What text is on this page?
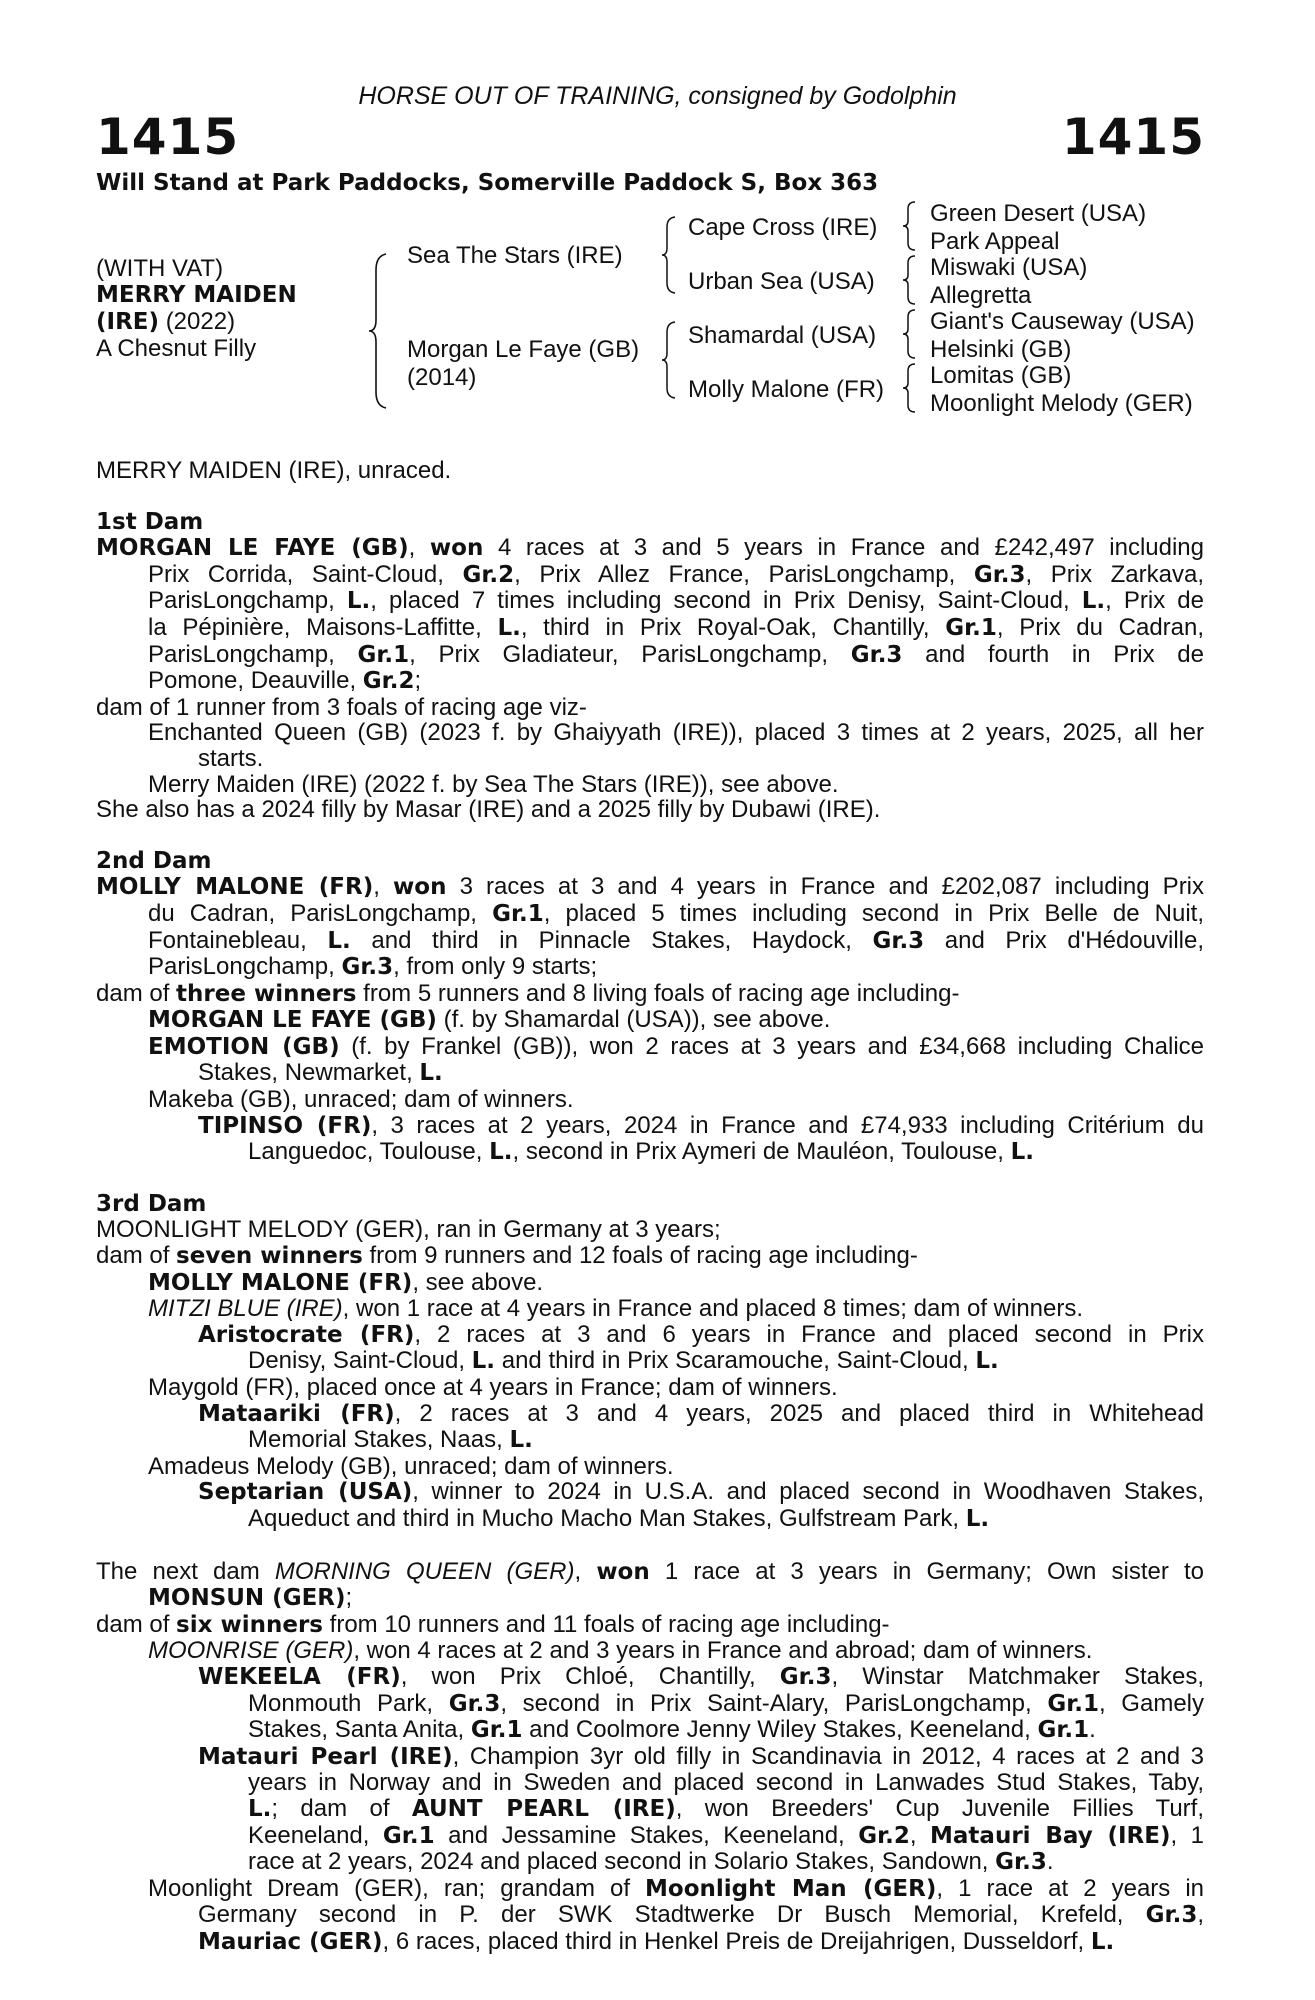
HORSE OUT OF TRAINING, consigned by Godolphin
1415	1415
Will Stand at Park Paddocks, Somerville Paddock S, Box 363
(WITH VAT)
MERRY MAIDEN
(IRE) (2022)
A Chesnut Filly
Sea The Stars (IRE)
Morgan Le Faye (GB)
(2014)
Cape Cross (IRE)
Urban Sea (USA)
Shamardal (USA)
Molly Malone (FR)
Green Desert (USA)
Park Appeal
Miswaki (USA)
Allegretta
Giant's Causeway (USA)
Helsinki (GB)
Lomitas (GB)
Moonlight Melody (GER)
MERRY MAIDEN (IRE), unraced.
1st Dam
MORGAN LE FAYE (GB), won 4 races at 3 and 5 years in France and £242,497 including
Prix Corrida, Saint-Cloud, Gr.2, Prix Allez France, ParisLongchamp, Gr.3, Prix Zarkava,
ParisLongchamp, L., placed 7 times including second in Prix Denisy, Saint-Cloud, L., Prix de
la Pépinière, Maisons-Laffitte, L., third in Prix Royal-Oak, Chantilly, Gr.1, Prix du Cadran,
ParisLongchamp, Gr.1, Prix Gladiateur, ParisLongchamp, Gr.3 and fourth in Prix de
Pomone, Deauville, Gr.2;
dam of 1 runner from 3 foals of racing age viz-
Enchanted Queen (GB) (2023 f. by Ghaiyyath (IRE)), placed 3 times at 2 years, 2025, all her
starts.
Merry Maiden (IRE) (2022 f. by Sea The Stars (IRE)), see above.
She also has a 2024 filly by Masar (IRE) and a 2025 filly by Dubawi (IRE).
2nd Dam
MOLLY MALONE (FR), won 3 races at 3 and 4 years in France and £202,087 including Prix
du Cadran, ParisLongchamp, Gr.1, placed 5 times including second in Prix Belle de Nuit,
Fontainebleau, L. and third in Pinnacle Stakes, Haydock, Gr.3 and Prix d'Hédouville,
ParisLongchamp, Gr.3, from only 9 starts;
dam of three winners from 5 runners and 8 living foals of racing age including-
MORGAN LE FAYE (GB) (f. by Shamardal (USA)), see above.
EMOTION (GB) (f. by Frankel (GB)), won 2 races at 3 years and £34,668 including Chalice
Stakes, Newmarket, L.
Makeba (GB), unraced; dam of winners.
TIPINSO (FR), 3 races at 2 years, 2024 in France and £74,933 including Critérium du
Languedoc, Toulouse, L., second in Prix Aymeri de Mauléon, Toulouse, L.
3rd Dam
MOONLIGHT MELODY (GER), ran in Germany at 3 years;
dam of seven winners from 9 runners and 12 foals of racing age including-
MOLLY MALONE (FR), see above.
MITZI BLUE (IRE), won 1 race at 4 years in France and placed 8 times; dam of winners.
Aristocrate (FR), 2 races at 3 and 6 years in France and placed second in Prix
Denisy, Saint-Cloud, L. and third in Prix Scaramouche, Saint-Cloud, L.
Maygold (FR), placed once at 4 years in France; dam of winners.
Mataariki (FR), 2 races at 3 and 4 years, 2025 and placed third in Whitehead
Memorial Stakes, Naas, L.
Amadeus Melody (GB), unraced; dam of winners.
Septarian (USA), winner to 2024 in U.S.A. and placed second in Woodhaven Stakes,
Aqueduct and third in Mucho Macho Man Stakes, Gulfstream Park, L.
The next dam MORNING QUEEN (GER), won 1 race at 3 years in Germany; Own sister to
MONSUN (GER);
dam of six winners from 10 runners and 11 foals of racing age including-
MOONRISE (GER), won 4 races at 2 and 3 years in France and abroad; dam of winners.
WEKEELA (FR), won Prix Chloé, Chantilly, Gr.3, Winstar Matchmaker Stakes,
Monmouth Park, Gr.3, second in Prix Saint-Alary, ParisLongchamp, Gr.1, Gamely
Stakes, Santa Anita, Gr.1 and Coolmore Jenny Wiley Stakes, Keeneland, Gr.1.
Matauri Pearl (IRE), Champion 3yr old filly in Scandinavia in 2012, 4 races at 2 and 3
years in Norway and in Sweden and placed second in Lanwades Stud Stakes, Taby,
L.; dam of AUNT PEARL (IRE), won Breeders' Cup Juvenile Fillies Turf,
Keeneland, Gr.1 and Jessamine Stakes, Keeneland, Gr.2, Matauri Bay (IRE), 1
race at 2 years, 2024 and placed second in Solario Stakes, Sandown, Gr.3.
Moonlight Dream (GER), ran; grandam of Moonlight Man (GER), 1 race at 2 years in
Germany second in P. der SWK Stadtwerke Dr Busch Memorial, Krefeld, Gr.3,
Mauriac (GER), 6 races, placed third in Henkel Preis de Dreijahrigen, Dusseldorf, L.
